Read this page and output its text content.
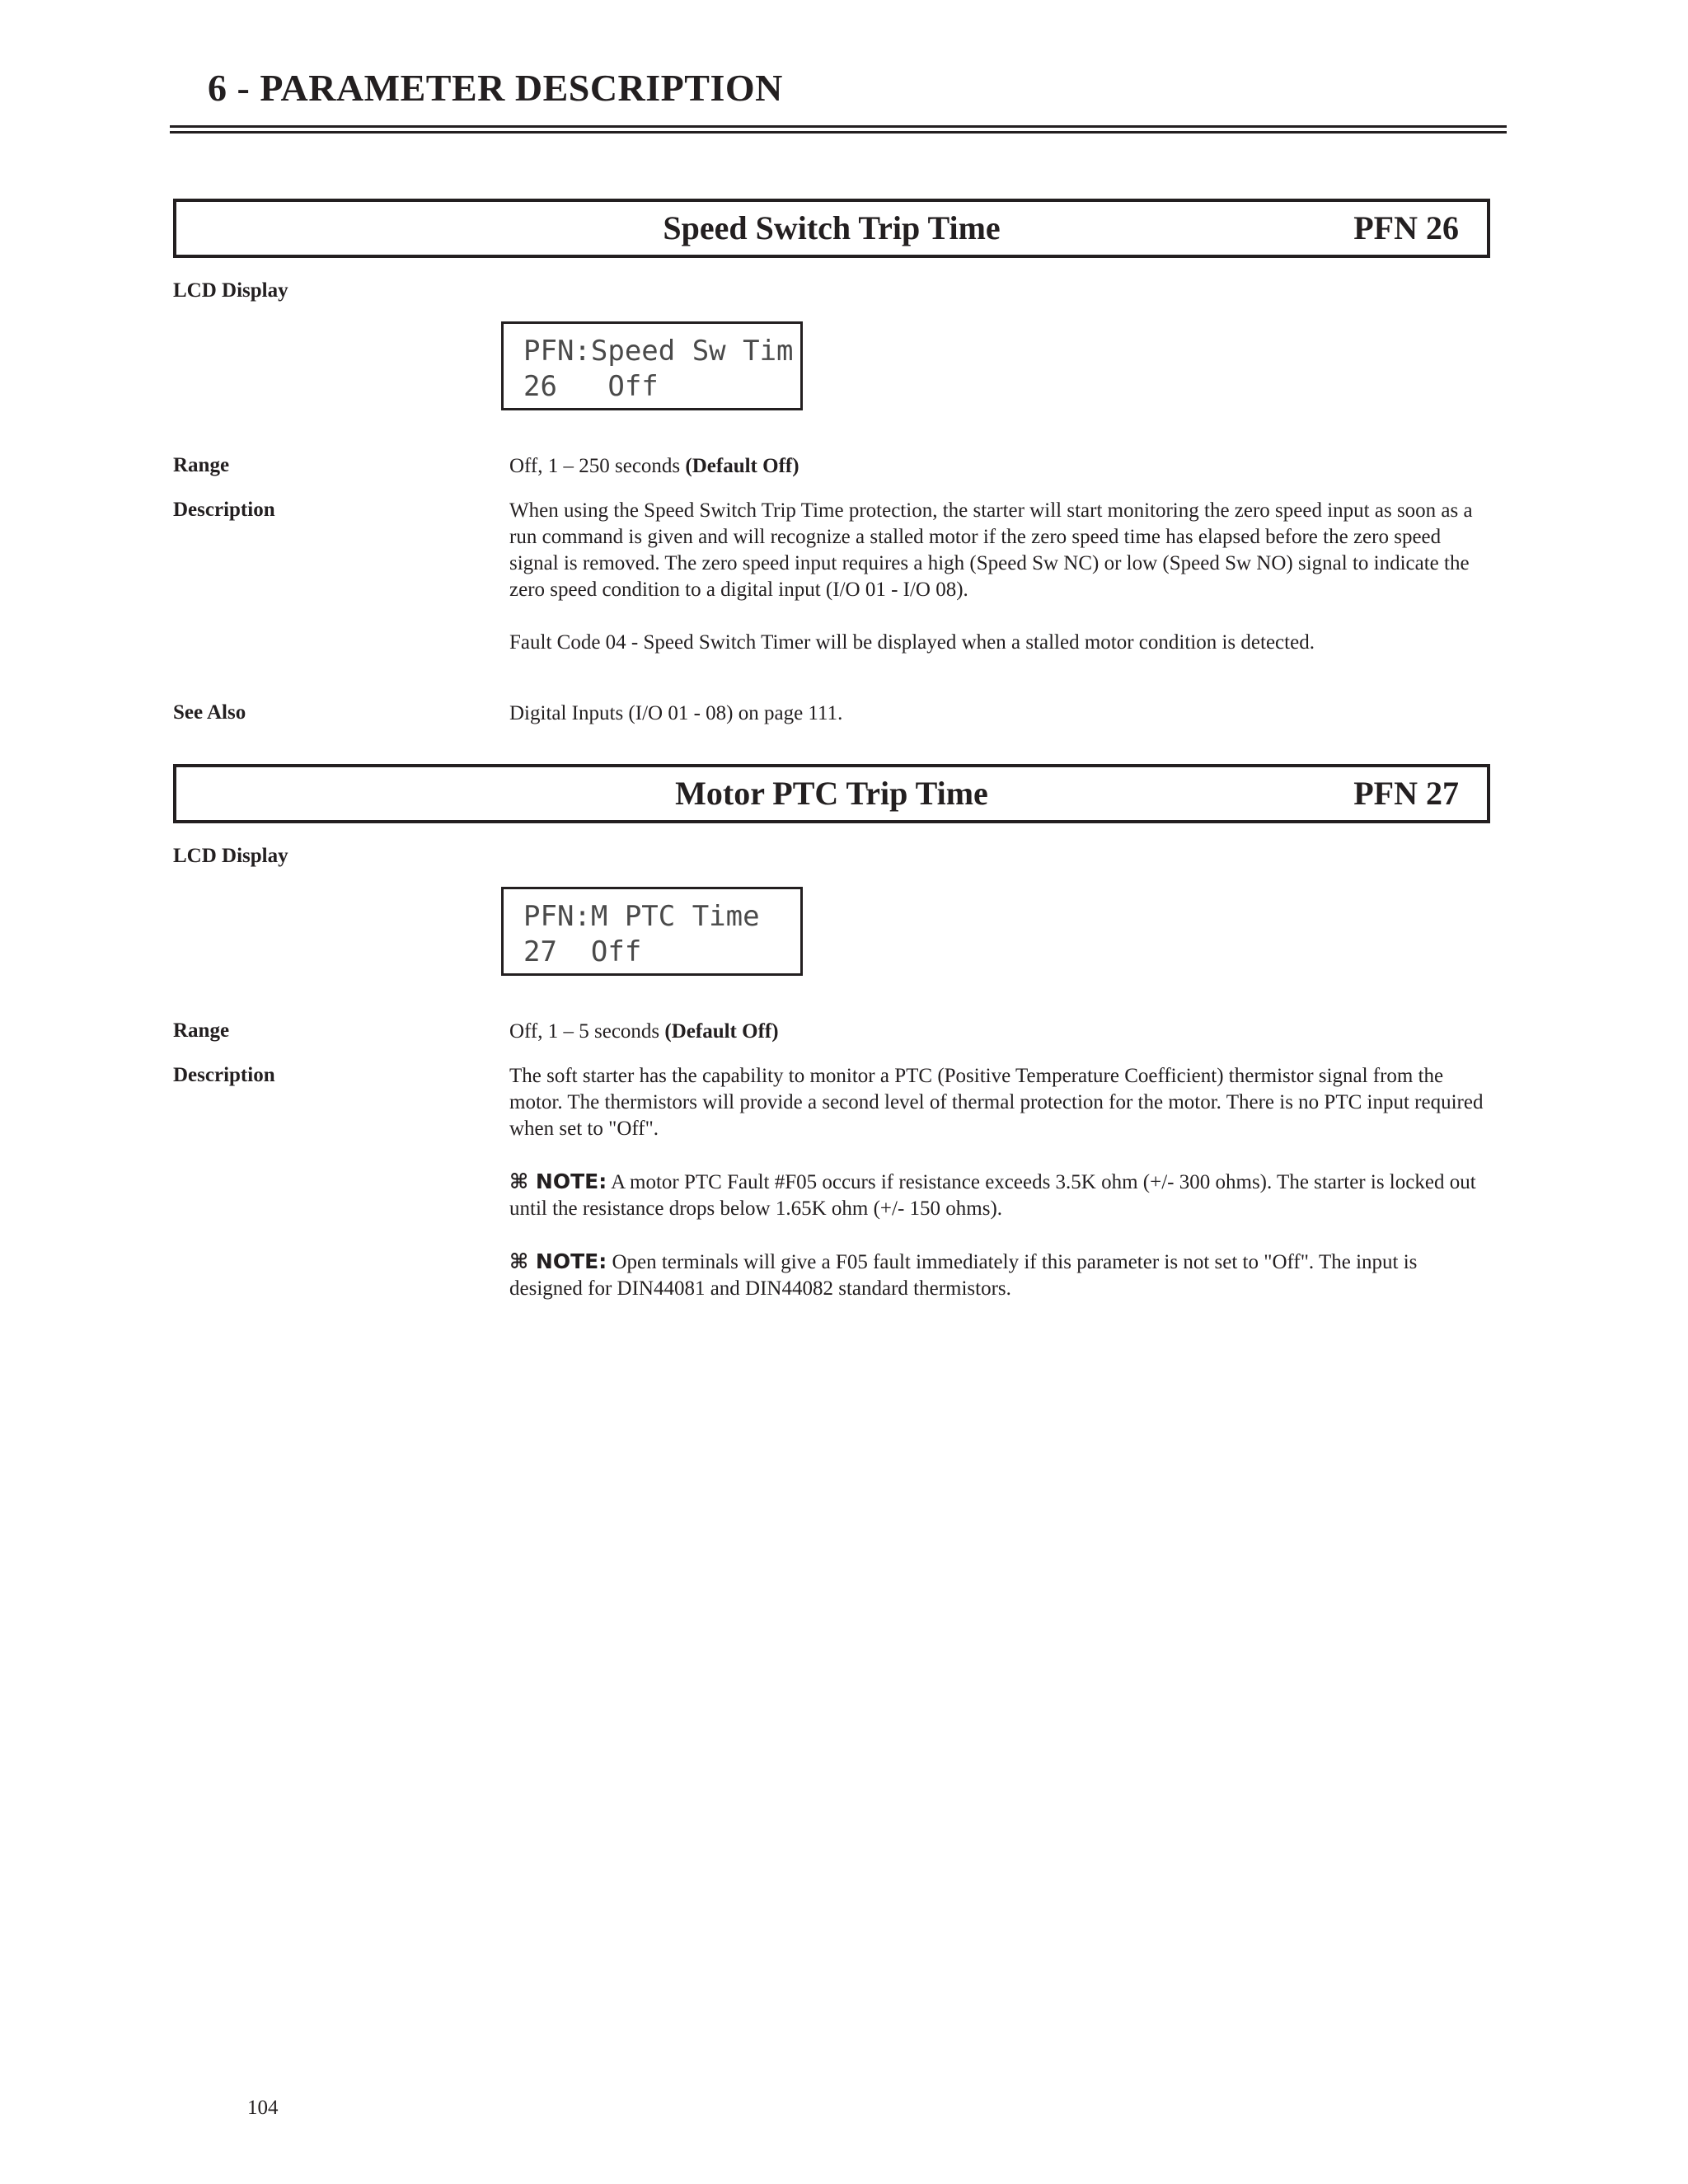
6 - PARAMETER DESCRIPTION
Speed Switch Trip Time	PFN 26
LCD Display
PFN:Speed Sw Tim
26   Off
Range	Off, 1 – 250 seconds (Default Off)
Description	When using the Speed Switch Trip Time protection, the starter will start monitoring the zero speed input as soon as a run command is given and will recognize a stalled motor if the zero speed time has elapsed before the zero speed signal is removed. The zero speed input requires a high (Speed Sw NC) or low (Speed Sw NO) signal to indicate the zero speed condition to a digital input (I/O 01 - I/O 08).

Fault Code 04 - Speed Switch Timer will be displayed when a stalled motor condition is detected.

See Also	Digital Inputs (I/O 01 - 08) on page 111.
Motor PTC Trip Time	PFN 27
LCD Display
PFN:M PTC Time
27  Off
Range	Off, 1 – 5 seconds (Default Off)
Description	The soft starter has the capability to monitor a PTC (Positive Temperature Coefficient) thermistor signal from the motor. The thermistors will provide a second level of thermal protection for the motor. There is no PTC input required when set to "Off".

⌘ NOTE: A motor PTC Fault #F05 occurs if resistance exceeds 3.5K ohm (+/- 300 ohms). The starter is locked out until the resistance drops below 1.65K ohm (+/- 150 ohms).

⌘ NOTE: Open terminals will give a F05 fault immediately if this parameter is not set to "Off". The input is designed for DIN44081 and DIN44082 standard thermistors.

104
